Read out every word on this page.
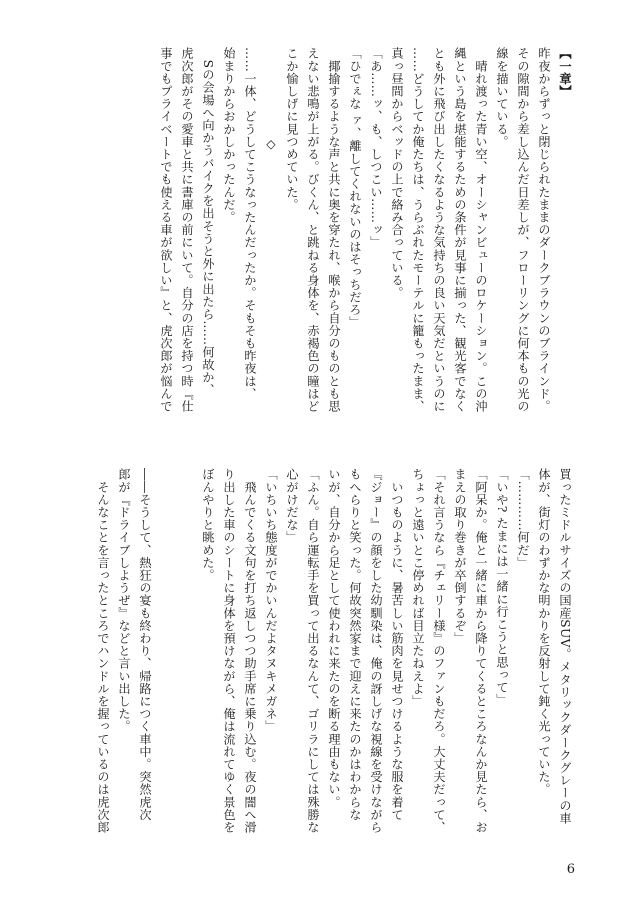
【一章】
昨夜からずっと閉じられたままのダークブラウンのブラインド。
その隙間から差し込んだ日差しが、フローリングに何本もの光の
線を描いている。
　晴れ渡った青い空、オーシャンビューのロケーション。この沖
縄という島を堪能するための条件が見事に揃った、観光客でなく
とも外に飛び出したくなるような気持ちの良い天気だというのに
……どうしてか俺たちは、うらぶれたモーテルに籠もったまま、
真っ昼間からベッドの上で絡み合っている。
「あ……ッ、も、しつこい……ッ」
「ひでぇな ァ、離してくれないのはそっちだろ」
　揶揄するような声と共に奥を穿たれ、喉から自分のものとも思
えない悲鳴が上がる。びくん、と跳ねる身体を、赤褐色の瞳はど
こか愉しげに見つめていた。
◇
……一体、どうしてこうなったんだったか。そもそも昨夜は、
始まりからおかしかったんだ。
　Sの会場へ向かうバイクを出そうと外に出たら……何故か、
虎次郎がその愛車と共に書庫の前にいて。自分の店を持つ時『仕
事でもプライベートでも使える車が欲しい』と、虎次郎が悩んで
買ったミドルサイズの国産SUV。メタリックダークグレーの車
体が、街灯のわずかな明かりを反射して鈍く光っていた。
「…………何だ」
「いや? たまには一緒に行こうと思って」
「阿呆か。俺と一緒に車から降りてくるところなんか見たら、お
まえの取り巻きが卒倒するぞ」
「それ言うなら『チェリー様』のファンもだろ。大丈夫だって、
ちょっと遠いとこ停めれば目立たねえよ」
　いつものように、暑苦しい筋肉を見せつけるような服を着て
『ジョー』の顔をした幼馴染は、俺の訝しげな視線を受けながら
もへらりと笑った。何故突然家まで迎えに来たのかはわからな
いが、自分から足として使われに来たのを断る理由もない。
「ふん。自ら運転手を買って出るなんて、ゴリラにしては殊勝な
心がけだな」
「いちいち態度がでかいんだよタヌキメガネ」
　飛んでくる文句を打ち返しつつ助手席に乗り込む。夜の闇へ滑
り出した車のシートに身体を預けながら、俺は流れてゆく景色を
ぼんやりと眺めた。
――そうして、熱狂の宴も終わり、帰路につく車中。突然虎次
郎が『ドライブしようぜ』などと言い出した。
　そんなことを言ったところでハンドルを握っているのは虎次郎
6
